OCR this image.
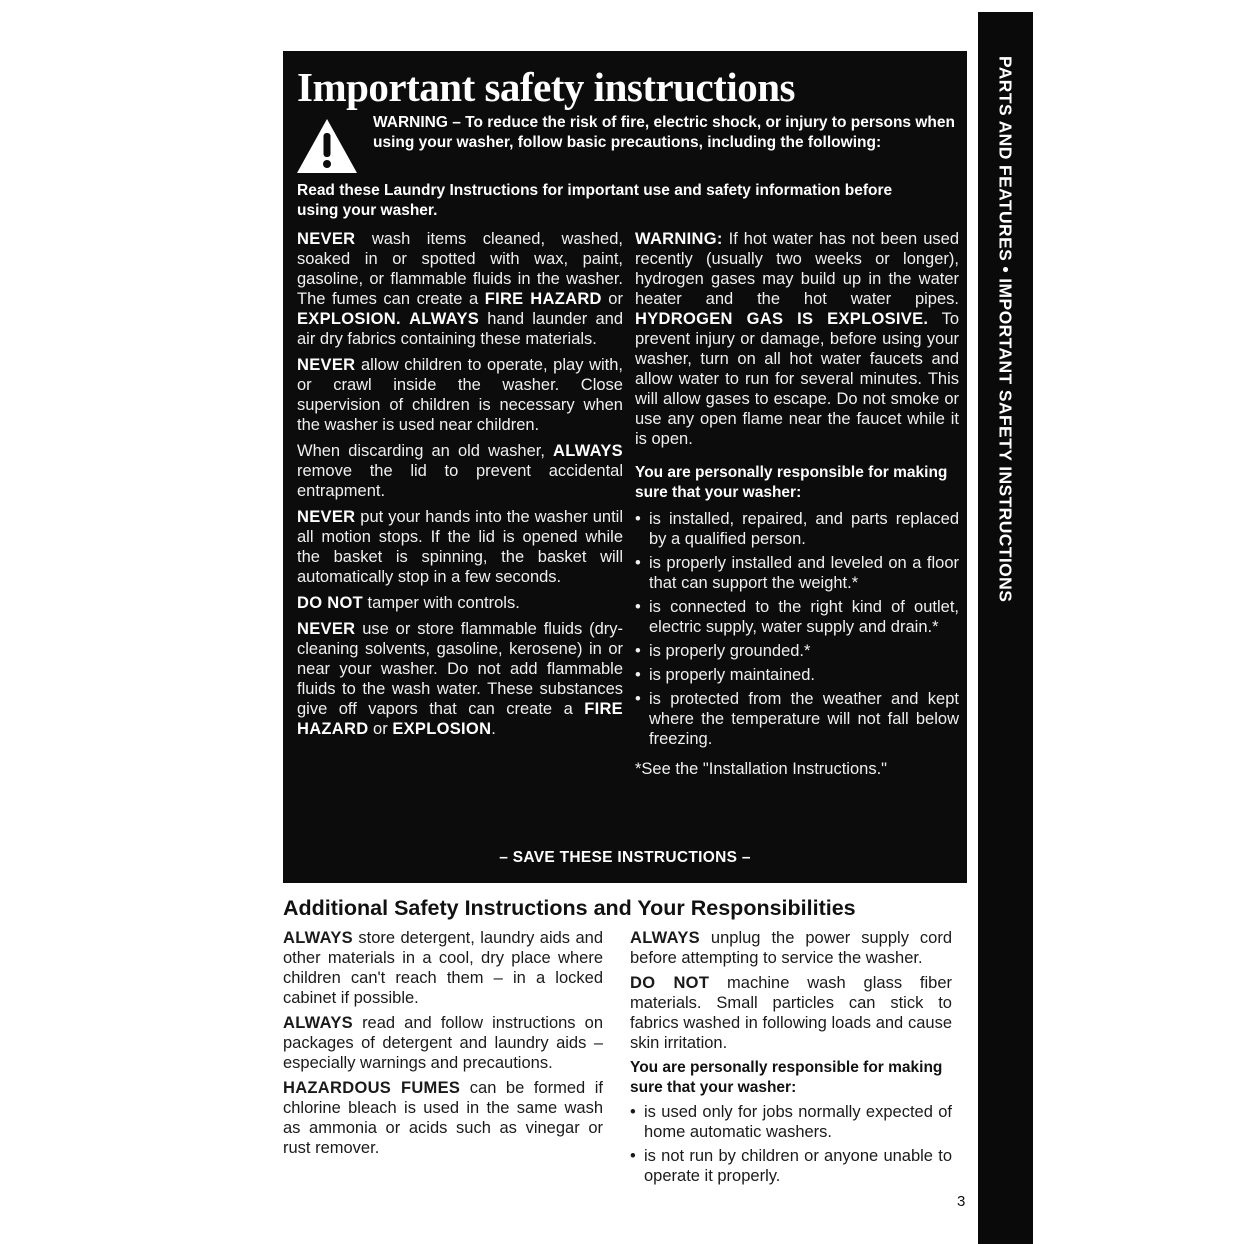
Important safety instructions
WARNING – To reduce the risk of fire, electric shock, or injury to persons when using your washer, follow basic precautions, including the following:
Read these Laundry Instructions for important use and safety information before using your washer.

NEVER wash items cleaned, washed, soaked in or spotted with wax, paint, gasoline, or flammable fluids in the washer. The fumes can create a FIRE HAZARD or EXPLOSION. ALWAYS hand launder and air dry fabrics containing these materials.

NEVER allow children to operate, play with, or crawl inside the washer. Close supervision of children is necessary when the washer is used near children.

When discarding an old washer, ALWAYS remove the lid to prevent accidental entrapment.

NEVER put your hands into the washer until all motion stops. If the lid is opened while the basket is spinning, the basket will automatically stop in a few seconds.

DO NOT tamper with controls.

NEVER use or store flammable fluids (dry-cleaning solvents, gasoline, kerosene) in or near your washer. Do not add flammable fluids to the wash water. These substances give off vapors that can create a FIRE HAZARD or EXPLOSION.

WARNING: If hot water has not been used recently (usually two weeks or longer), hydrogen gases may build up in the water heater and the hot water pipes. HYDROGEN GAS IS EXPLOSIVE. To prevent injury or damage, before using your washer, turn on all hot water faucets and allow water to run for several minutes. This will allow gases to escape. Do not smoke or use any open flame near the faucet while it is open.

You are personally responsible for making sure that your washer:
• is installed, repaired, and parts replaced by a qualified person.
• is properly installed and leveled on a floor that can support the weight.*
• is connected to the right kind of outlet, electric supply, water supply and drain.*
• is properly grounded.*
• is properly maintained.
• is protected from the weather and kept where the temperature will not fall below freezing.

*See the "Installation Instructions."

– SAVE THESE INSTRUCTIONS –
Additional Safety Instructions and Your Responsibilities

ALWAYS store detergent, laundry aids and other materials in a cool, dry place where children can't reach them – in a locked cabinet if possible.

ALWAYS read and follow instructions on packages of detergent and laundry aids – especially warnings and precautions.

HAZARDOUS FUMES can be formed if chlorine bleach is used in the same wash as ammonia or acids such as vinegar or rust remover.

ALWAYS unplug the power supply cord before attempting to service the washer.

DO NOT machine wash glass fiber materials. Small particles can stick to fabrics washed in following loads and cause skin irritation.

You are personally responsible for making sure that your washer:
• is used only for jobs normally expected of home automatic washers.
• is not run by children or anyone unable to operate it properly.
3
PARTS AND FEATURES • IMPORTANT SAFETY INSTRUCTIONS
